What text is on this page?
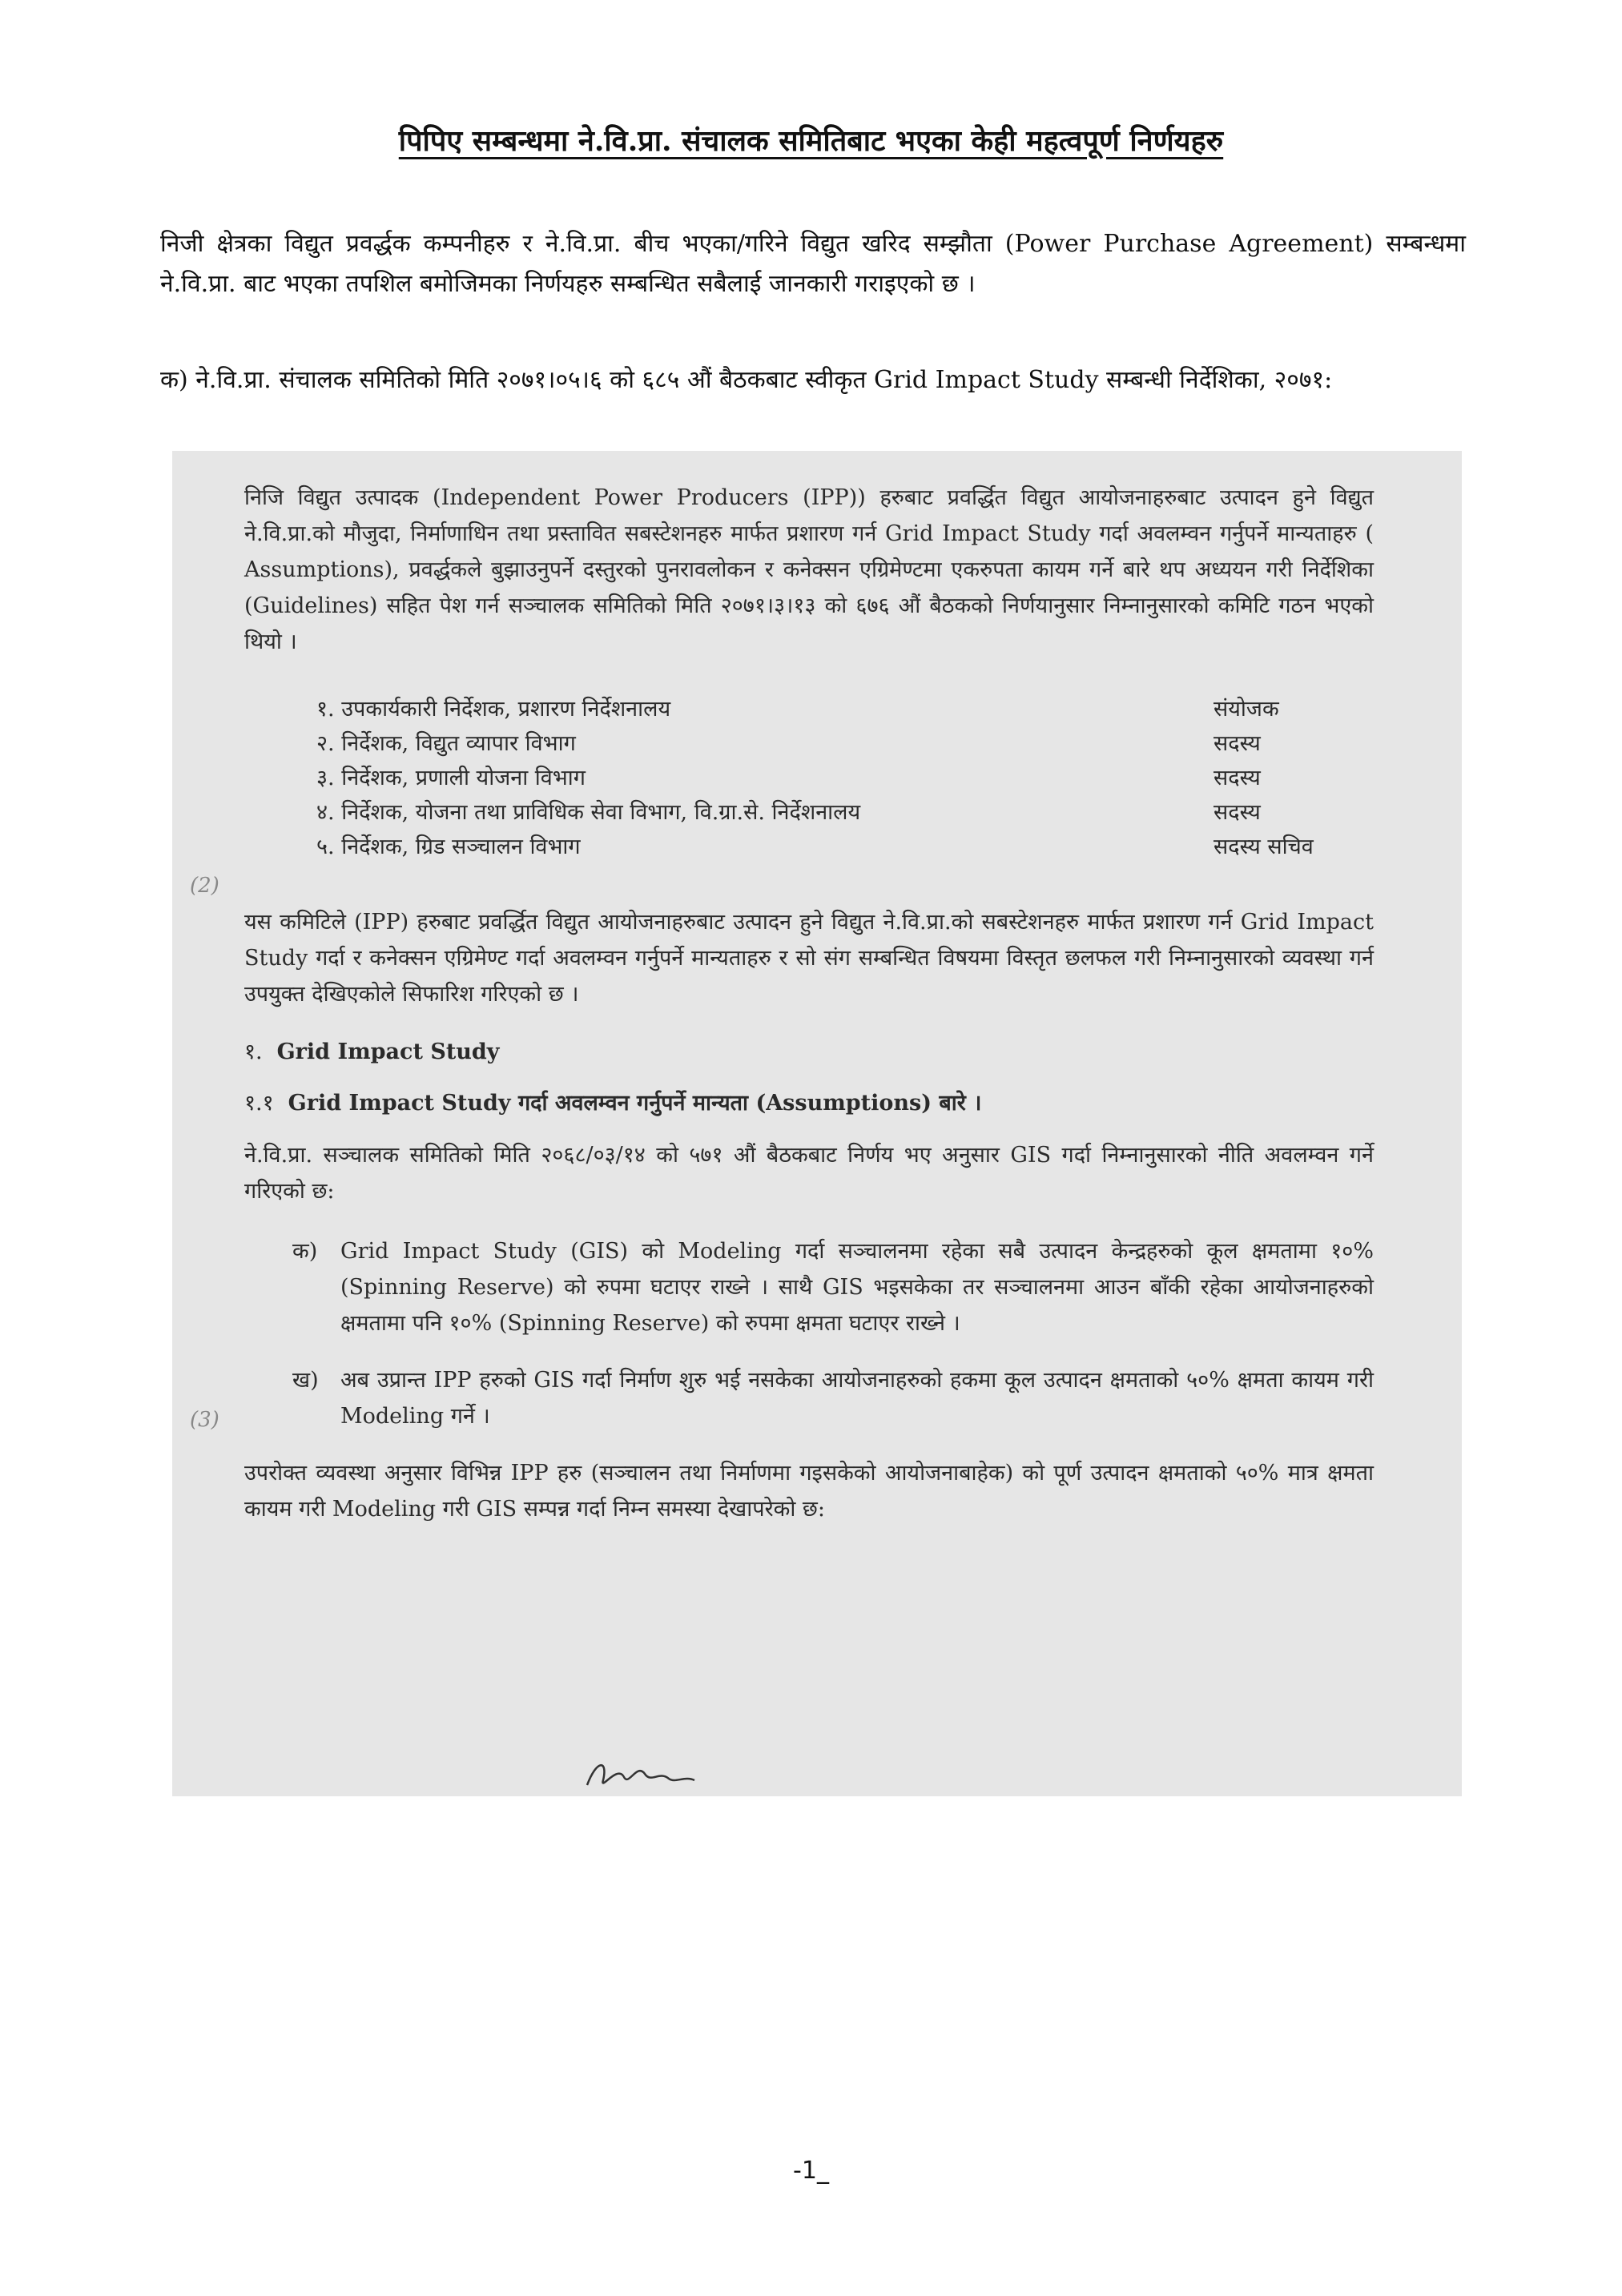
पिपिए सम्बन्धमा ने.वि.प्रा. संचालक समितिबाट भएका केही महत्वपूर्ण निर्णयहरु
निजी क्षेत्रका विद्युत प्रवर्द्धक कम्पनीहरु र ने.वि.प्रा. बीच भएका/गरिने विद्युत खरिद सम्झौता (Power Purchase Agreement) सम्बन्धमा ने.वि.प्रा. बाट भएका तपशिल बमोजिमका निर्णयहरु सम्बन्धित सबैलाई जानकारी गराइएको छ ।
क) ने.वि.प्रा. संचालक समितिको मिति २०७१।०५।६ को ६८५ औं बैठकबाट स्वीकृत Grid Impact Study सम्बन्धी निर्देशिका, २०७१:
(2)
(3)

निजि विद्युत उत्पादक (Independent Power Producers (IPP)) हरुबाट प्रवर्द्धित विद्युत आयोजनाहरुबाट उत्पादन हुने विद्युत ने.वि.प्रा.को मौजुदा, निर्माणाधिन तथा प्रस्तावित सबस्टेशनहरु मार्फत प्रशारण गर्न Grid Impact Study गर्दा अवलम्वन गर्नुपर्ने मान्यताहरु ( Assumptions), प्रवर्द्धकले बुझाउनुपर्ने दस्तुरको पुनरावलोकन र कनेक्सन एग्रिमेण्टमा एकरुपता कायम गर्ने बारे थप अध्ययन गरी निर्देशिका (Guidelines) सहित पेश गर्न सञ्चालक समितिको मिति २०७१।३।१३ को ६७६ औं बैठकको निर्णयानुसार निम्नानुसारको कमिटि गठन भएको थियो ।

१. उपकार्यकारी निर्देशक, प्रशारण निर्देशनालय	संयोजक
२. निर्देशक, विद्युत व्यापार विभाग	सदस्य
३. निर्देशक, प्रणाली योजना विभाग	सदस्य
४. निर्देशक, योजना तथा प्राविधिक सेवा विभाग, वि.ग्रा.से. निर्देशनालय	सदस्य
५. निर्देशक, ग्रिड सञ्चालन विभाग	सदस्य सचिव

यस कमिटिले (IPP) हरुबाट प्रवर्द्धित विद्युत आयोजनाहरुबाट उत्पादन हुने विद्युत ने.वि.प्रा.को सबस्टेशनहरु मार्फत प्रशारण गर्न Grid Impact Study गर्दा र कनेक्सन एग्रिमेण्ट गर्दा अवलम्वन गर्नुपर्ने मान्यताहरु र सो संग सम्बन्धित विषयमा विस्तृत छलफल गरी निम्नानुसारको व्यवस्था गर्न उपयुक्त देखिएकोले सिफारिश गरिएको छ ।

१. Grid Impact Study
१.१ Grid Impact Study गर्दा अवलम्वन गर्नुपर्ने मान्यता (Assumptions) बारे ।

ने.वि.प्रा. सञ्चालक समितिको मिति २०६८/०३/१४ को ५७१ औं बैठकबाट निर्णय भए अनुसार GIS गर्दा निम्नानुसारको नीति अवलम्वन गर्ने गरिएको छ:

क)	Grid Impact Study (GIS) को Modeling गर्दा सञ्चालनमा रहेका सबै उत्पादन केन्द्रहरुको कूल क्षमतामा १०% (Spinning Reserve) को रुपमा घटाएर राख्ने । साथै GIS भइसकेका तर सञ्चालनमा आउन बाँकी रहेका आयोजनाहरुको क्षमतामा पनि १०% (Spinning Reserve) को रुपमा क्षमता घटाएर राख्ने ।
ख)	अब उप्रान्त IPP हरुको GIS गर्दा निर्माण शुरु भई नसकेका आयोजनाहरुको हकमा कूल उत्पादन क्षमताको ५०% क्षमता कायम गरी Modeling गर्ने ।

उपरोक्त व्यवस्था अनुसार विभिन्न IPP हरु (सञ्चालन तथा निर्माणमा गइसकेको आयोजनाबाहेक) को पूर्ण उत्पादन क्षमताको ५०% मात्र क्षमता कायम गरी Modeling गरी GIS सम्पन्न गर्दा निम्न समस्या देखापरेको छ:

-1_
